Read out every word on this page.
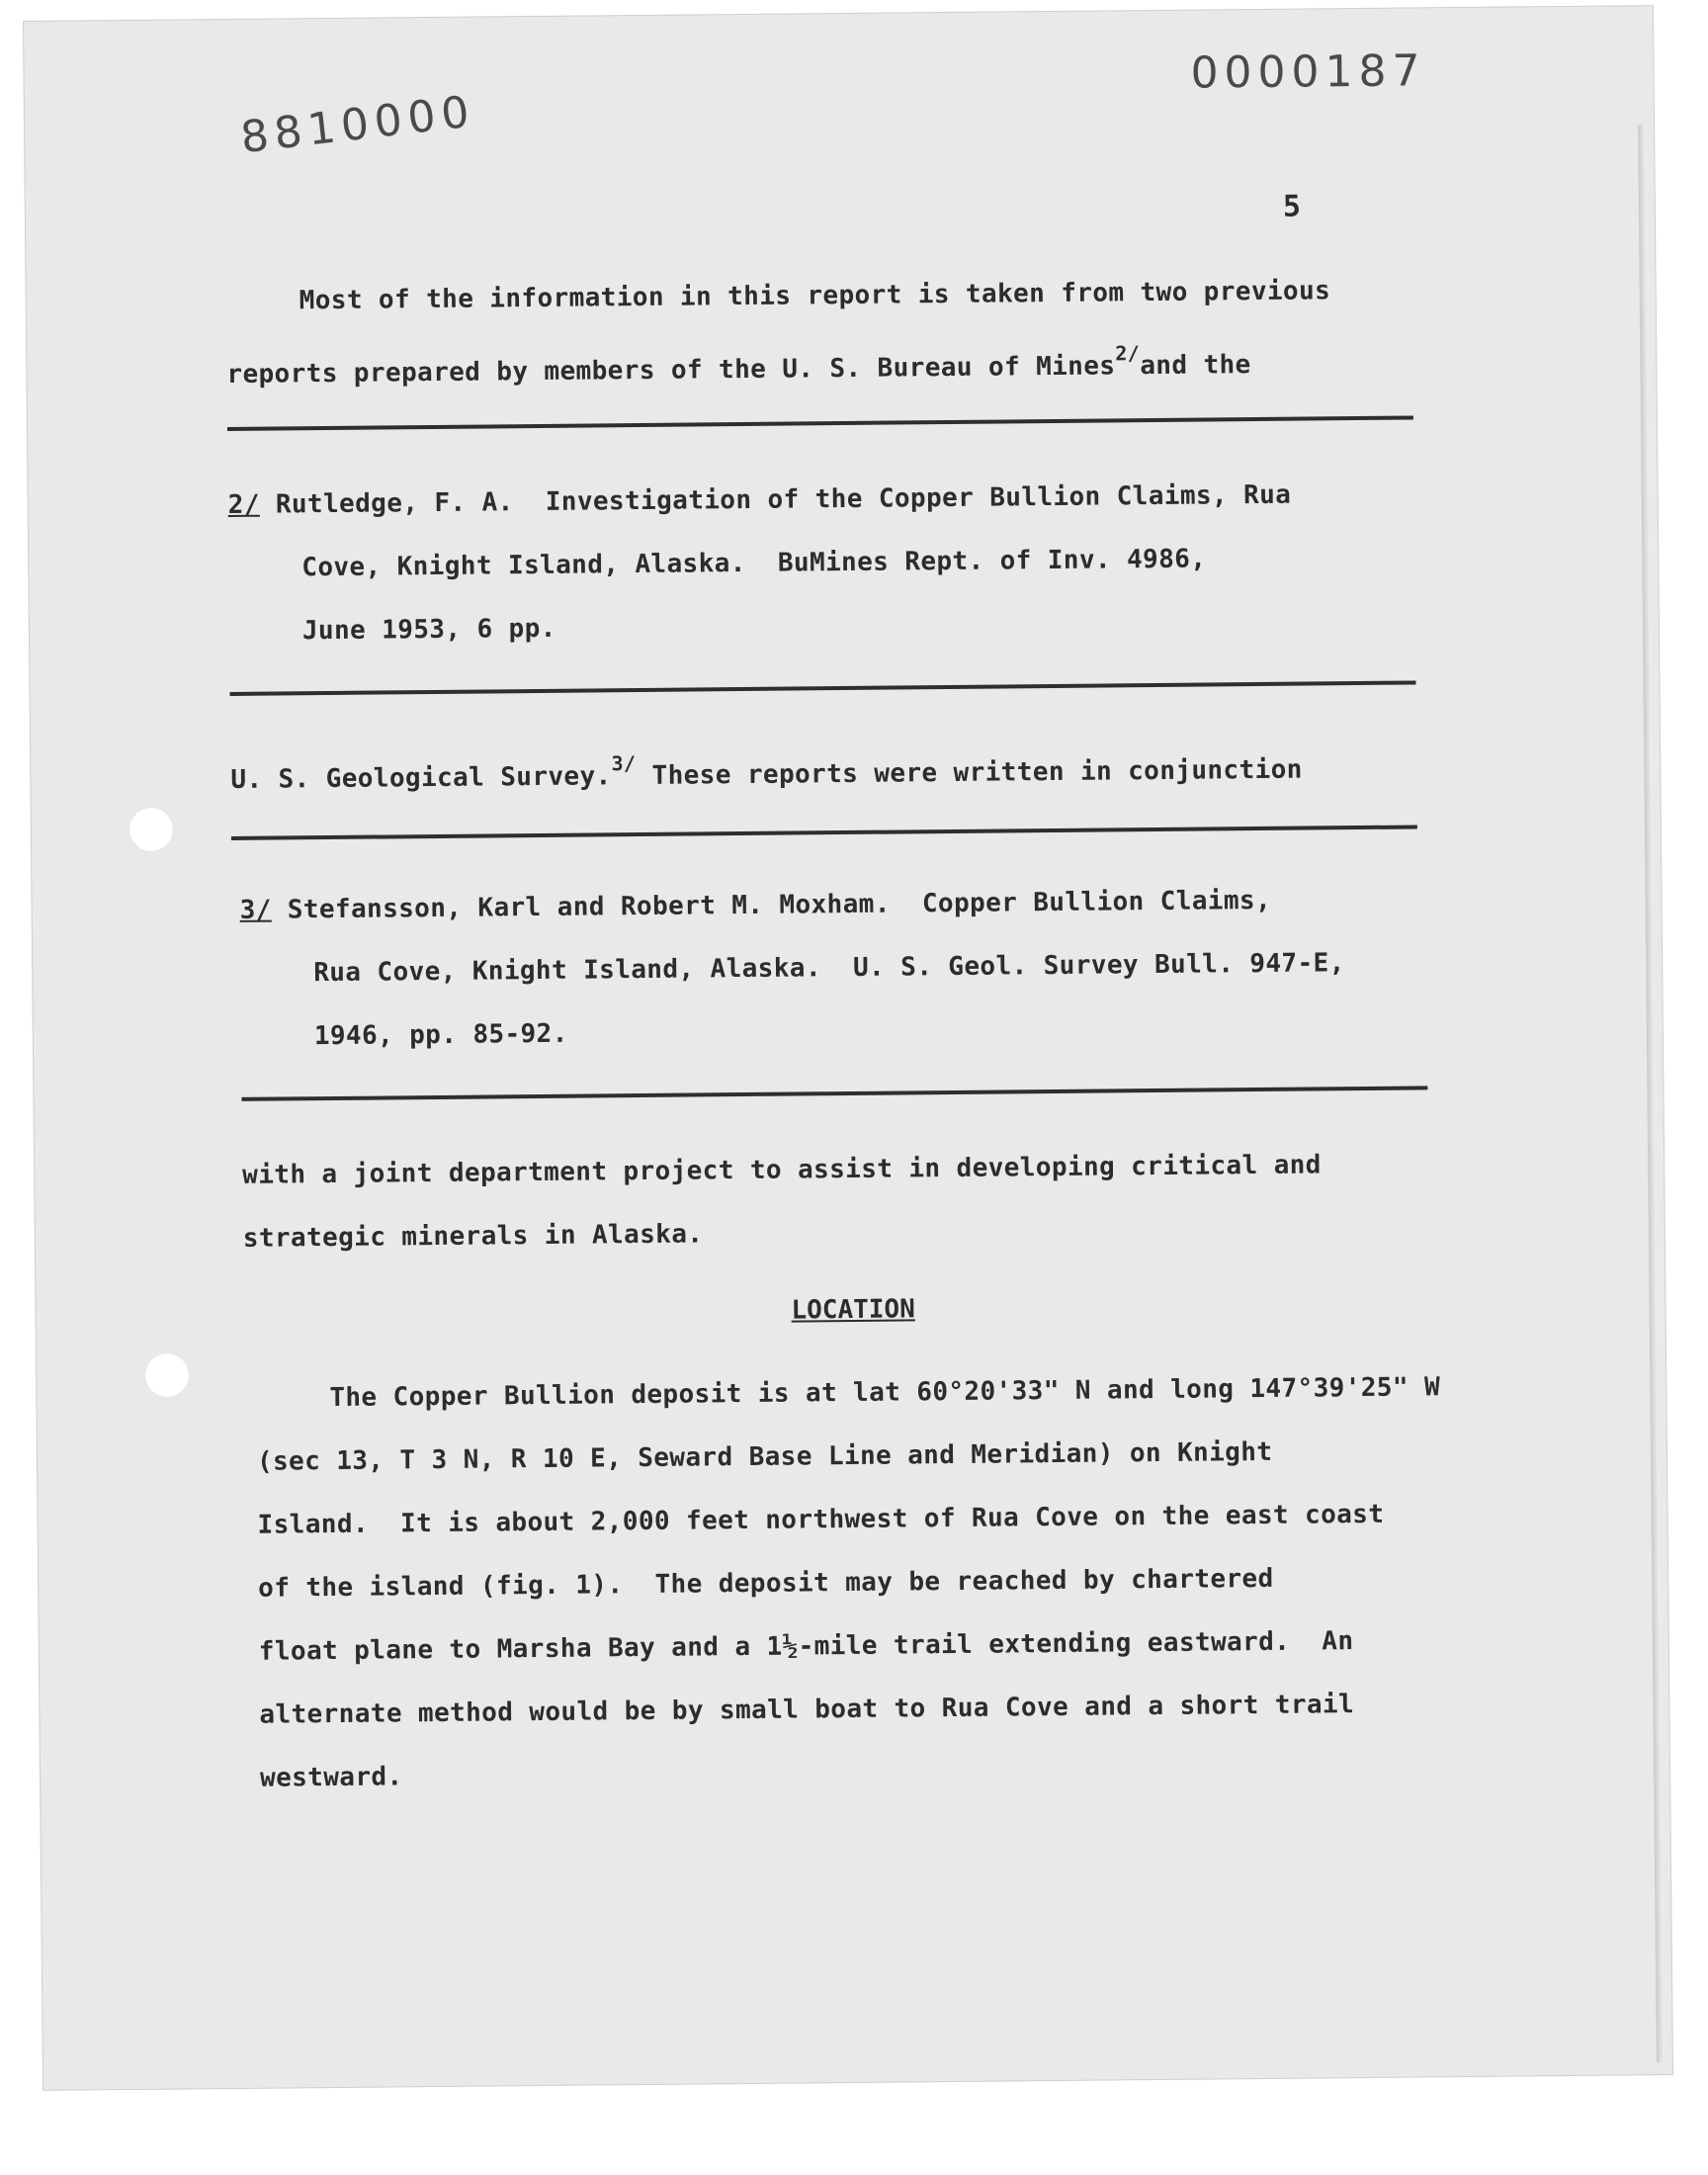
8810000
0000187
5
Most of the information in this report is taken from two previous
reports prepared by members of the U. S. Bureau of Mines$^{2/}$and the
2/ Rutledge, F. A.  Investigation of the Copper Bullion Claims, Rua
Cove, Knight Island, Alaska.  BuMines Rept. of Inv. 4986,
June 1953, 6 pp.
U. S. Geological Survey.$^{3/}$ These reports were written in conjunction
3/ Stefansson, Karl and Robert M. Moxham.  Copper Bullion Claims,
Rua Cove, Knight Island, Alaska.  U. S. Geol. Survey Bull. 947-E,
1946, pp. 85-92.
with a joint department project to assist in developing critical and
strategic minerals in Alaska.
LOCATION
The Copper Bullion deposit is at lat 60°20'33" N and long 147°39'25" W
(sec 13, T 3 N, R 10 E, Seward Base Line and Meridian) on Knight
Island.  It is about 2,000 feet northwest of Rua Cove on the east coast
of the island (fig. 1).  The deposit may be reached by chartered
float plane to Marsha Bay and a 1½-mile trail extending eastward.  An
alternate method would be by small boat to Rua Cove and a short trail
westward.
